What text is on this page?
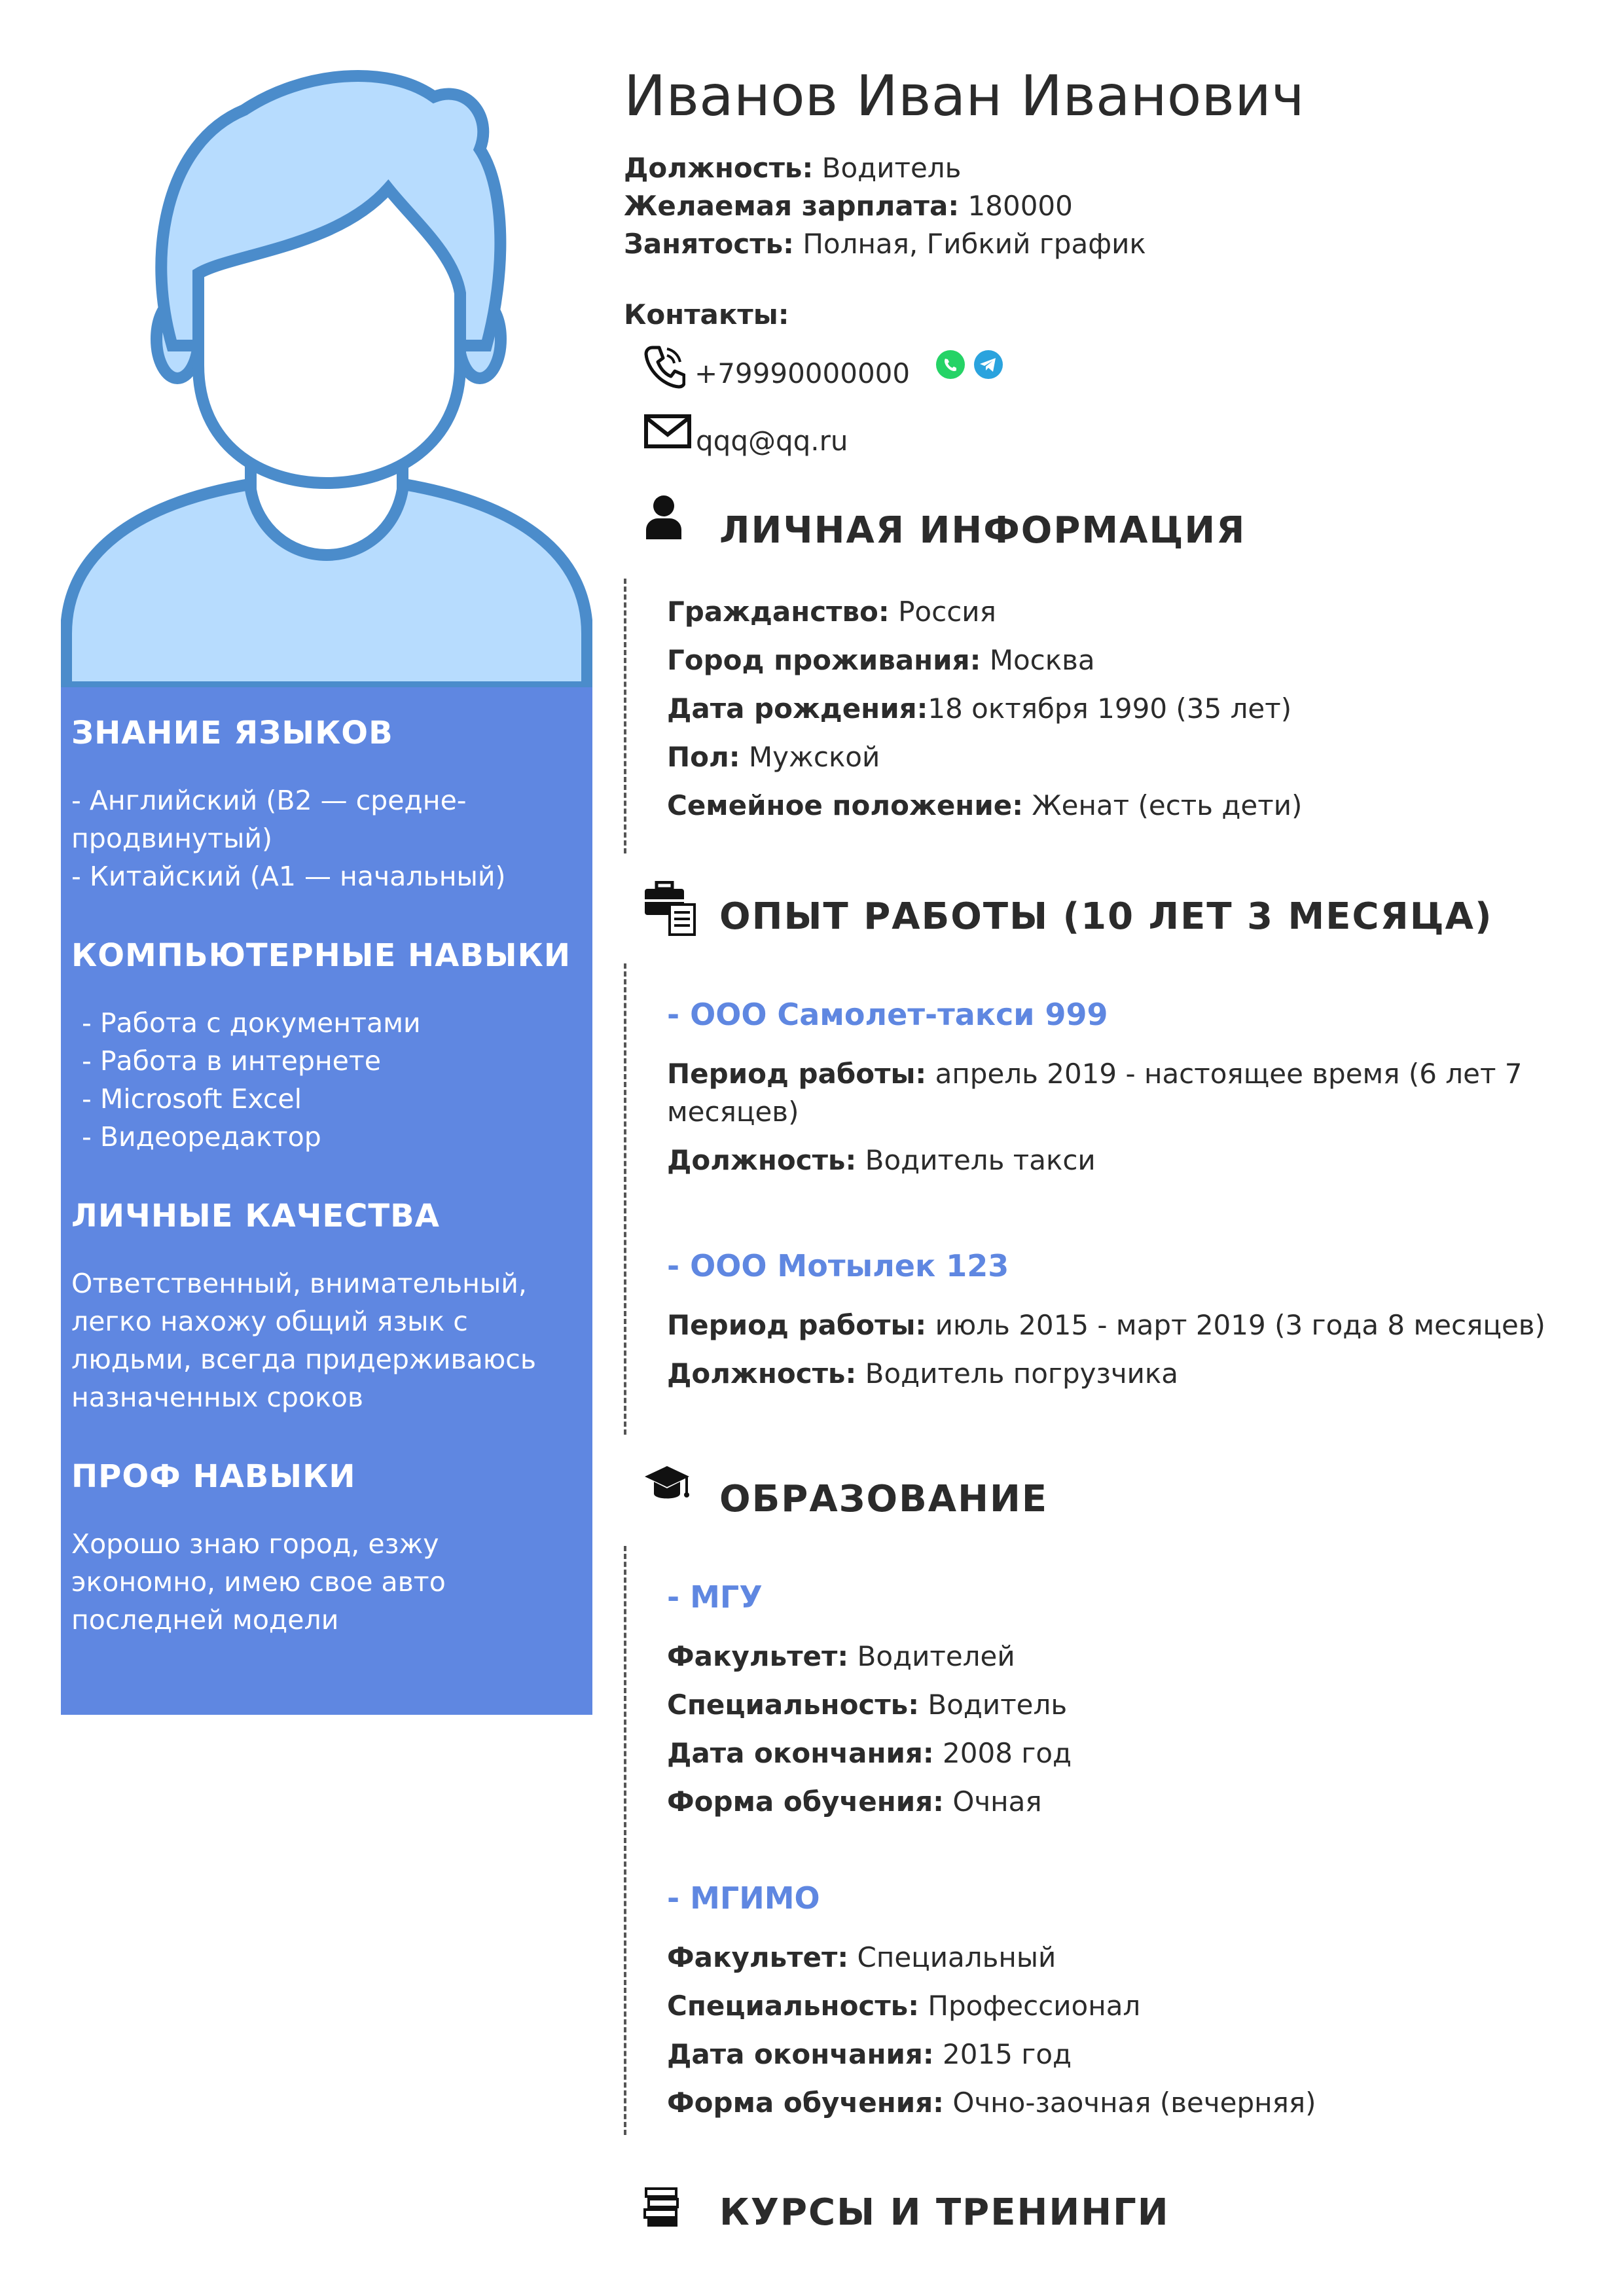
ЗНАНИЕ ЯЗЫКОВ
- Английский (B2 — средне-
продвинутый)
- Китайский (A1 — начальный)
КОМПЬЮТЕРНЫЕ НАВЫКИ
- Работа с документами
- Работа в интернете
- Microsoft Excel
- Видеоредактор
ЛИЧНЫЕ КАЧЕСТВА
Ответственный, внимательный,
легко нахожу общий язык с
людьми, всегда придерживаюсь
назначенных сроков
ПРОФ НАВЫКИ
Хорошо знаю город, езжу
экономно, имею свое авто
последней модели
Иванов Иван Иванович
Должность: Водитель
Желаемая зарплата: 180000
Занятость: Полная, Гибкий график
Контакты:
+79990000000
qqq@qq.ru
ЛИЧНАЯ ИНФОРМАЦИЯ
Гражданство: Россия
Город проживания: Москва
Дата рождения:18 октября 1990 (35 лет)
Пол: Мужской
Семейное положение: Женат (есть дети)
ОПЫТ РАБОТЫ (10 ЛЕТ 3 МЕСЯЦА)
- ООО Самолет-такси 999
Период работы: апрель 2019 - настоящее время (6 лет 7 месяцев)
Должность: Водитель такси
- ООО Мотылек 123
Период работы: июль 2015 - март 2019 (3 года 8 месяцев)
Должность: Водитель погрузчика
ОБРАЗОВАНИЕ
- МГУ
Факультет: Водителей
Специальность: Водитель
Дата окончания: 2008 год
Форма обучения: Очная
- МГИМО
Факультет: Специальный
Специальность: Профессионал
Дата окончания: 2015 год
Форма обучения: Очно-заочная (вечерняя)
КУРСЫ И ТРЕНИНГИ
